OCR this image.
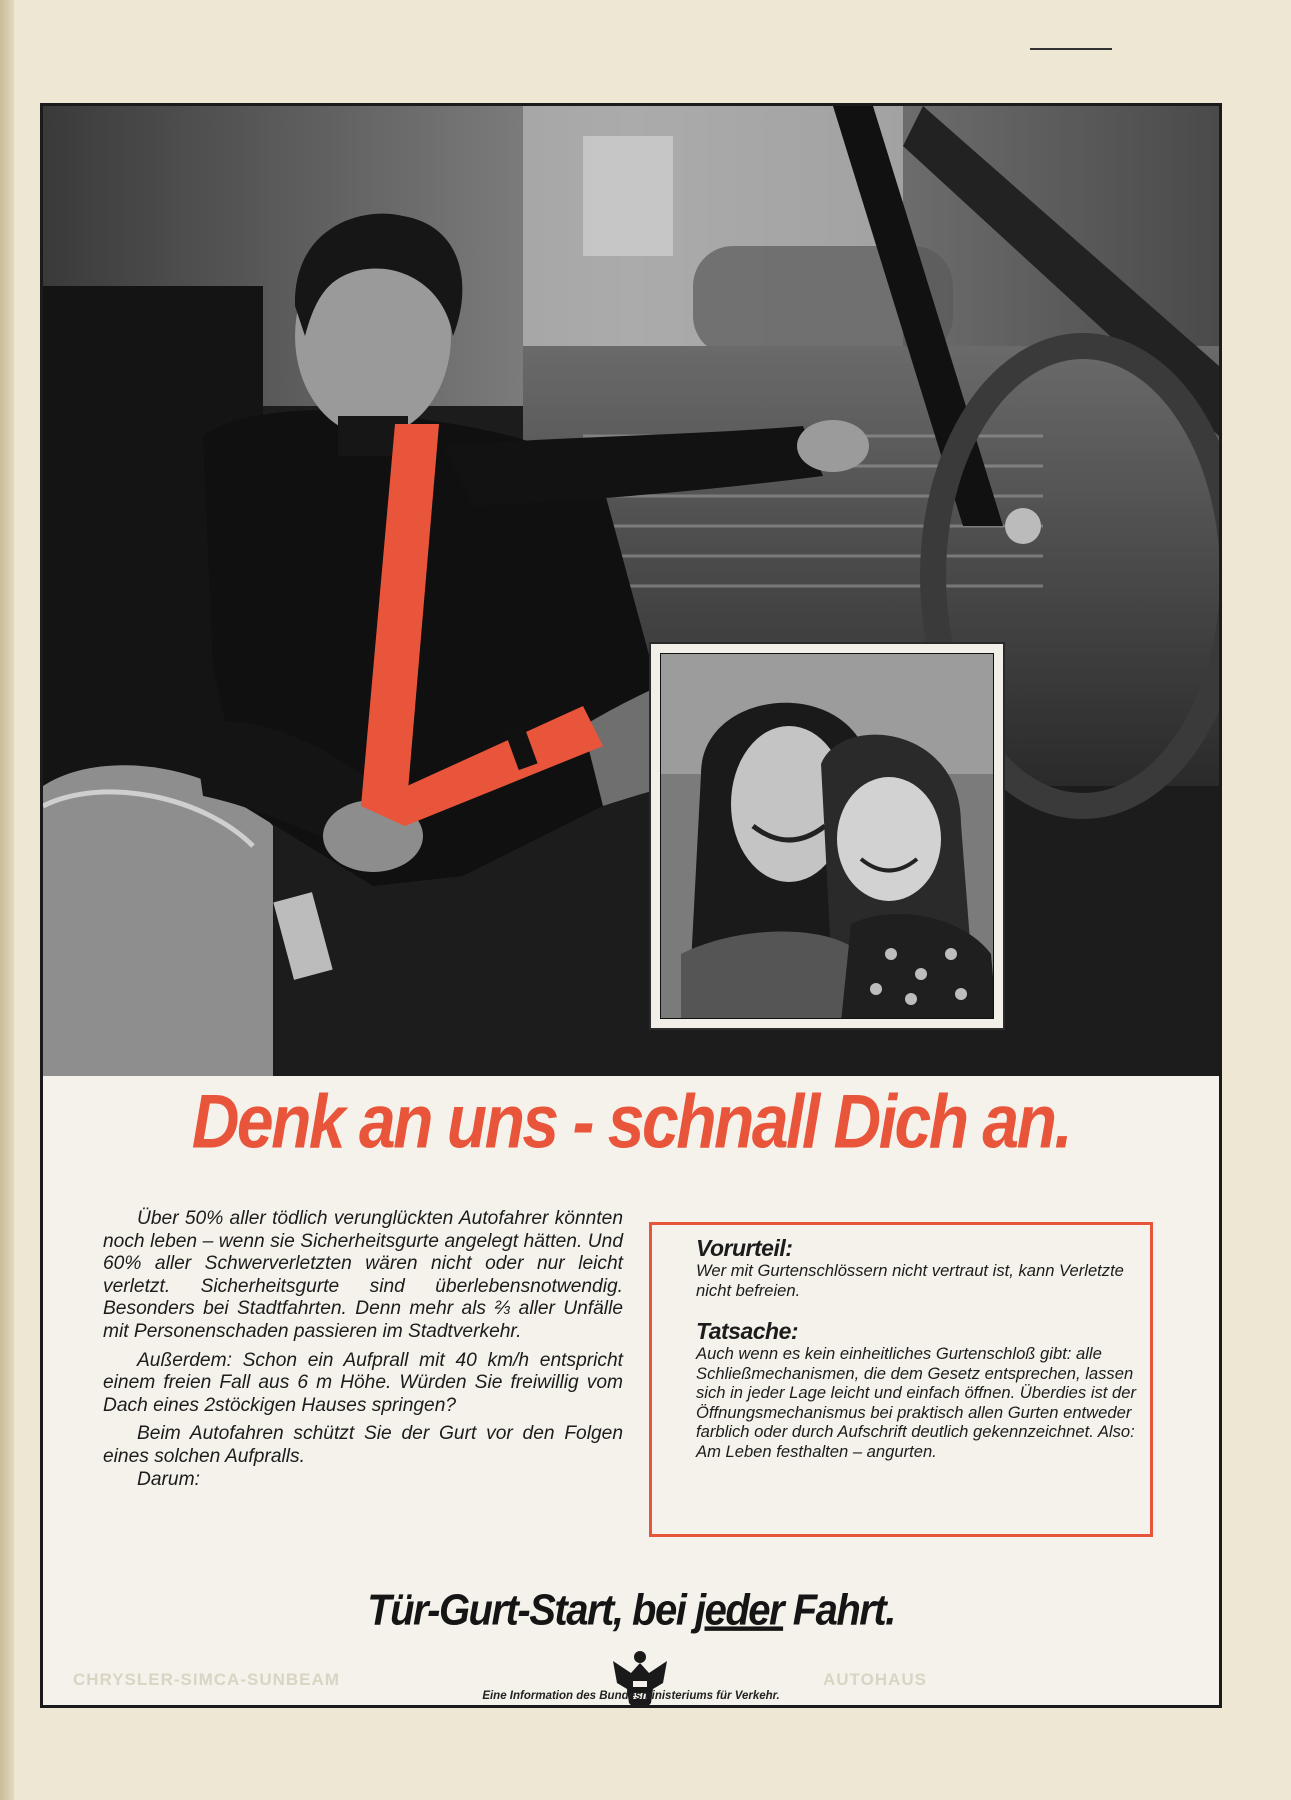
Denk an uns - schnall Dich an.

Über 50% aller tödlich verunglückten Autofahrer könnten noch leben – wenn sie Sicherheitsgurte angelegt hätten. Und 60% aller Schwerverletzten wären nicht oder nur leicht verletzt. Sicherheitsgurte sind überlebensnotwendig. Besonders bei Stadtfahrten. Denn mehr als ⅔ aller Unfälle mit Personenschaden passieren im Stadtverkehr.

Außerdem: Schon ein Aufprall mit 40 km/h entspricht einem freien Fall aus 6 m Höhe. Würden Sie freiwillig vom Dach eines 2stöckigen Hauses springen?

Beim Autofahren schützt Sie der Gurt vor den Folgen eines solchen Aufpralls.

Darum:

Vorurteil:

Wer mit Gurtenschlössern nicht vertraut ist, kann Verletzte nicht befreien.

Tatsache:

Auch wenn es kein einheitliches Gurtenschloß gibt: alle Schließmechanismen, die dem Gesetz entsprechen, lassen sich in jeder Lage leicht und einfach öffnen. Überdies ist der Öffnungsmechanismus bei praktisch allen Gurten entweder farblich oder durch Aufschrift deutlich gekennzeichnet. Also: Am Leben festhalten – angurten.

Tür-Gurt-Start, bei jeder Fahrt.
CHRYSLER-SIMCA-SUNBEAM	AUTOHAUS
Eine Information des Bundesministeriums für Verkehr.
